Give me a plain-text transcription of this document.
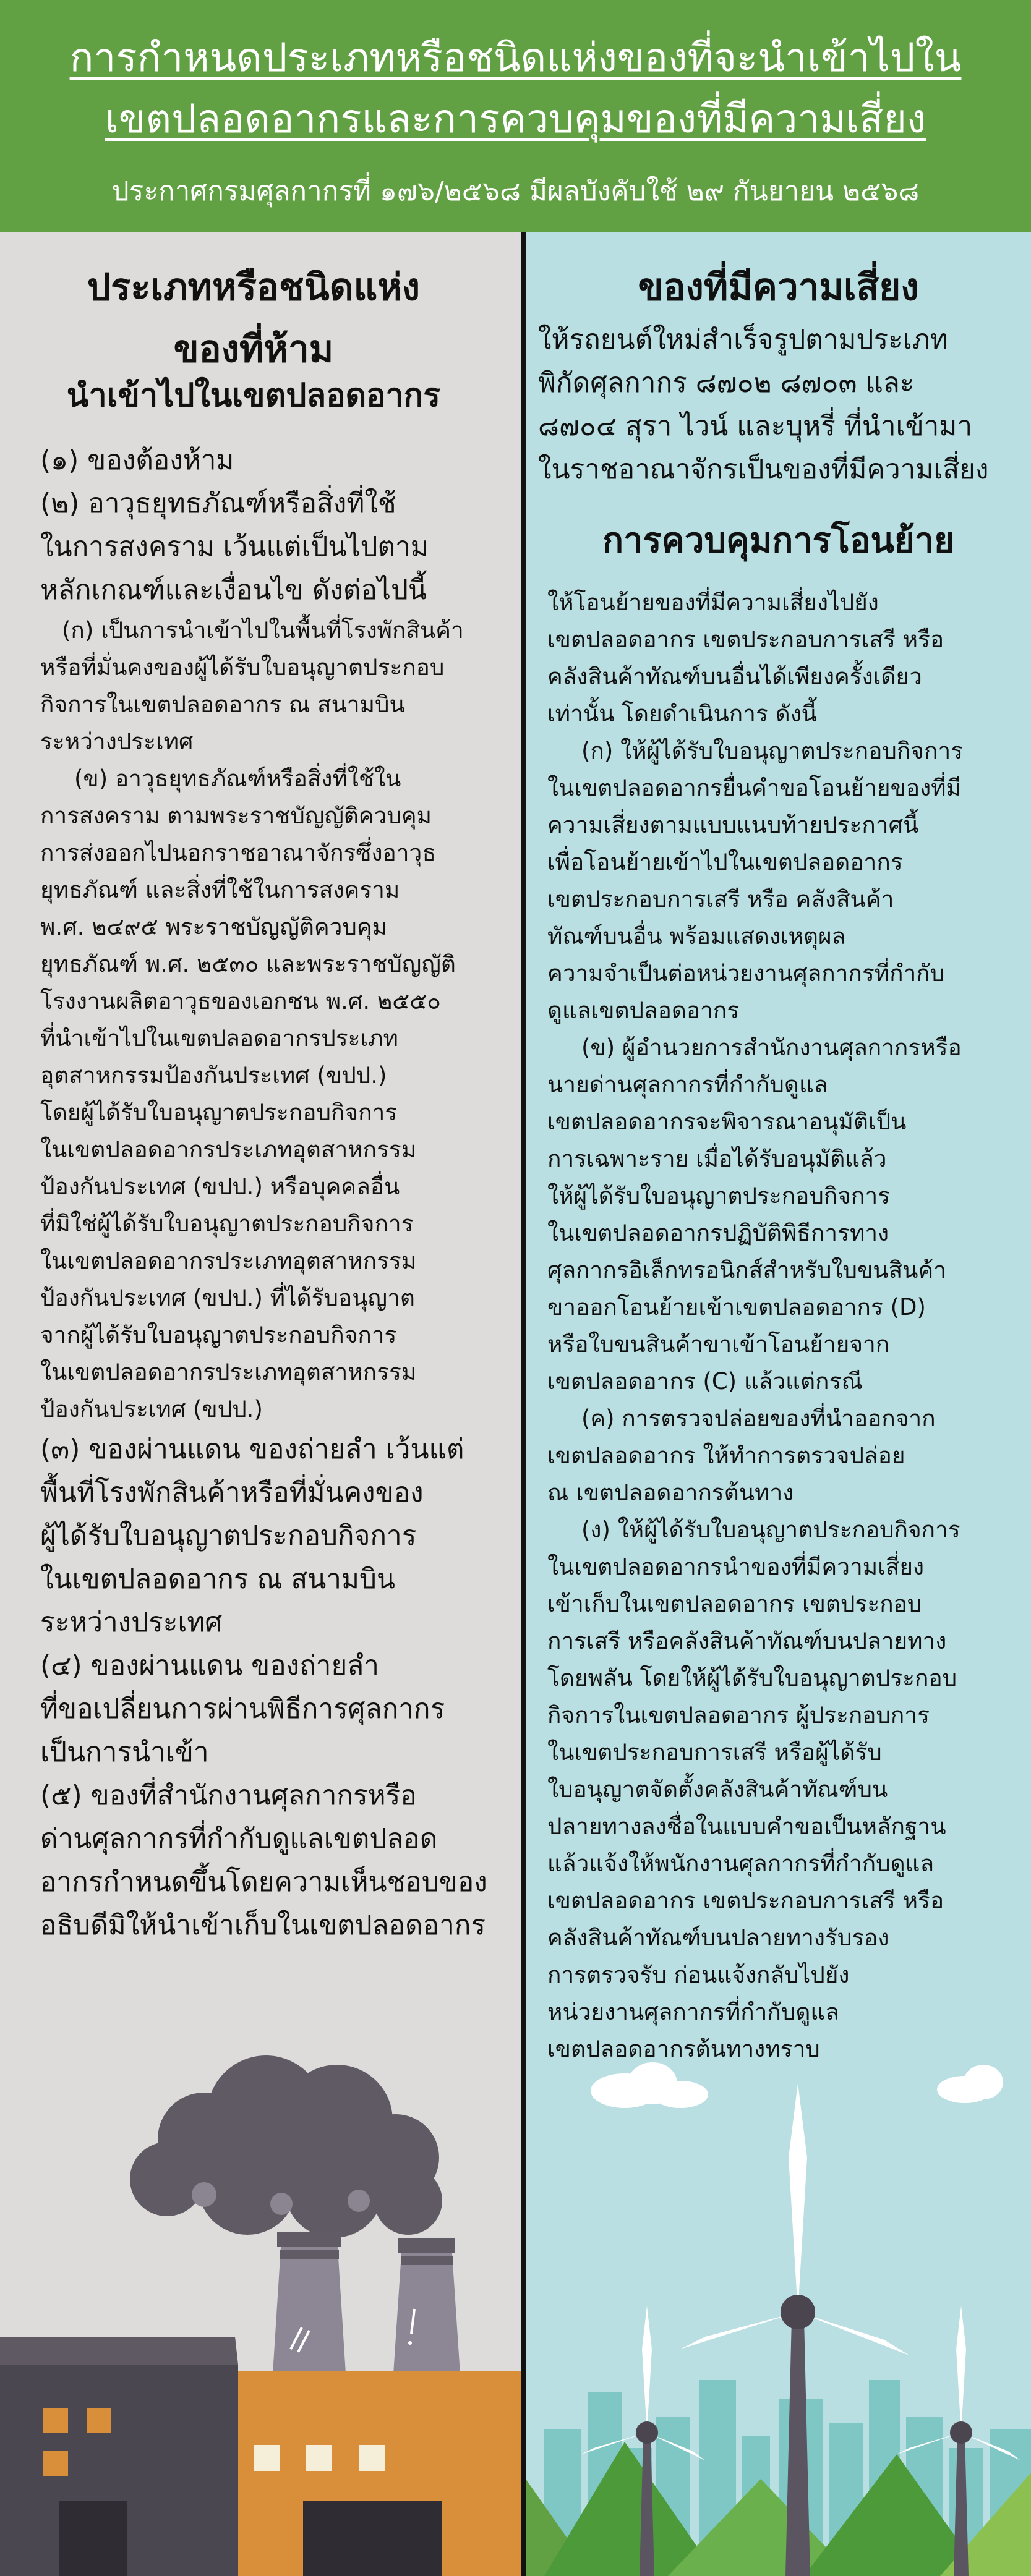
การกำหนดประเภทหรือชนิดแห่งของที่จะนำเข้าไปใน
เขตปลอดอากรและการควบคุมของที่มีความเสี่ยง
ประกาศกรมศุลกากรที่ ๑๗๖/๒๕๖๘ มีผลบังคับใช้ ๒๙ กันยายน ๒๕๖๘
ประเภทหรือชนิดแห่ง
ของที่ห้าม
นำเข้าไปในเขตปลอดอากร

(๑) ของต้องห้าม

(๒) อาวุธยุทธภัณฑ์หรือสิ่งที่ใช้

ในการสงคราม เว้นแต่เป็นไปตาม

หลักเกณฑ์และเงื่อนไข ดังต่อไปนี้

(ก) เป็นการนำเข้าไปในพื้นที่โรงพักสินค้า

หรือที่มั่นคงของผู้ได้รับใบอนุญาตประกอบ

กิจการในเขตปลอดอากร ณ สนามบิน

ระหว่างประเทศ

(ข) อาวุธยุทธภัณฑ์หรือสิ่งที่ใช้ใน

การสงคราม ตามพระราชบัญญัติควบคุม

การส่งออกไปนอกราชอาณาจักรซึ่งอาวุธ

ยุทธภัณฑ์ และสิ่งที่ใช้ในการสงคราม

พ.ศ. ๒๔๙๕ พระราชบัญญัติควบคุม

ยุทธภัณฑ์ พ.ศ. ๒๕๓๐ และพระราชบัญญัติ

โรงงานผลิตอาวุธของเอกชน พ.ศ. ๒๕๕๐

ที่นำเข้าไปในเขตปลอดอากรประเภท

อุตสาหกรรมป้องกันประเทศ (ขปป.)

โดยผู้ได้รับใบอนุญาตประกอบกิจการ

ในเขตปลอดอากรประเภทอุตสาหกรรม

ป้องกันประเทศ (ขปป.) หรือบุคคลอื่น

ที่มิใช่ผู้ได้รับใบอนุญาตประกอบกิจการ

ในเขตปลอดอากรประเภทอุตสาหกรรม

ป้องกันประเทศ (ขปป.) ที่ได้รับอนุญาต

จากผู้ได้รับใบอนุญาตประกอบกิจการ

ในเขตปลอดอากรประเภทอุตสาหกรรม

ป้องกันประเทศ (ขปป.)

(๓) ของผ่านแดน ของถ่ายลำ เว้นแต่

พื้นที่โรงพักสินค้าหรือที่มั่นคงของ

ผู้ได้รับใบอนุญาตประกอบกิจการ

ในเขตปลอดอากร ณ สนามบิน

ระหว่างประเทศ

(๔) ของผ่านแดน ของถ่ายลำ

ที่ขอเปลี่ยนการผ่านพิธีการศุลกากร

เป็นการนำเข้า

(๕) ของที่สำนักงานศุลกากรหรือ

ด่านศุลกากรที่กำกับดูแลเขตปลอด

อากรกำหนดขึ้นโดยความเห็นชอบของ

อธิบดีมิให้นำเข้าเก็บในเขตปลอดอากร

ของที่มีความเสี่ยง

ให้รถยนต์ใหม่สำเร็จรูปตามประเภท

พิกัดศุลกากร ๘๗๐๒ ๘๗๐๓ และ

๘๗๐๔ สุรา ไวน์ และบุหรี่ ที่นำเข้ามา

ในราชอาณาจักรเป็นของที่มีความเสี่ยง

การควบคุมการโอนย้าย

ให้โอนย้ายของที่มีความเสี่ยงไปยัง

เขตปลอดอากร เขตประกอบการเสรี หรือ

คลังสินค้าทัณฑ์บนอื่นได้เพียงครั้งเดียว

เท่านั้น โดยดำเนินการ ดังนี้

(ก) ให้ผู้ได้รับใบอนุญาตประกอบกิจการ

ในเขตปลอดอากรยื่นคำขอโอนย้ายของที่มี

ความเสี่ยงตามแบบแนบท้ายประกาศนี้

เพื่อโอนย้ายเข้าไปในเขตปลอดอากร

เขตประกอบการเสรี หรือ คลังสินค้า

ทัณฑ์บนอื่น พร้อมแสดงเหตุผล

ความจำเป็นต่อหน่วยงานศุลกากรที่กำกับ

ดูแลเขตปลอดอากร

(ข) ผู้อำนวยการสำนักงานศุลกากรหรือ

นายด่านศุลกากรที่กำกับดูแล

เขตปลอดอากรจะพิจารณาอนุมัติเป็น

การเฉพาะราย เมื่อได้รับอนุมัติแล้ว

ให้ผู้ได้รับใบอนุญาตประกอบกิจการ

ในเขตปลอดอากรปฏิบัติพิธีการทาง

ศุลกากรอิเล็กทรอนิกส์สำหรับใบขนสินค้า

ขาออกโอนย้ายเข้าเขตปลอดอากร (D)

หรือใบขนสินค้าขาเข้าโอนย้ายจาก

เขตปลอดอากร (C) แล้วแต่กรณี

(ค) การตรวจปล่อยของที่นำออกจาก

เขตปลอดอากร ให้ทำการตรวจปล่อย

ณ เขตปลอดอากรต้นทาง

(ง) ให้ผู้ได้รับใบอนุญาตประกอบกิจการ

ในเขตปลอดอากรนำของที่มีความเสี่ยง

เข้าเก็บในเขตปลอดอากร เขตประกอบ

การเสรี หรือคลังสินค้าทัณฑ์บนปลายทาง

โดยพลัน โดยให้ผู้ได้รับใบอนุญาตประกอบ

กิจการในเขตปลอดอากร ผู้ประกอบการ

ในเขตประกอบการเสรี หรือผู้ได้รับ

ใบอนุญาตจัดตั้งคลังสินค้าทัณฑ์บน

ปลายทางลงชื่อในแบบคำขอเป็นหลักฐาน

แล้วแจ้งให้พนักงานศุลกากรที่กำกับดูแล

เขตปลอดอากร เขตประกอบการเสรี หรือ

คลังสินค้าทัณฑ์บนปลายทางรับรอง

การตรวจรับ ก่อนแจ้งกลับไปยัง

หน่วยงานศุลกากรที่กำกับดูแล

เขตปลอดอากรต้นทางทราบ
